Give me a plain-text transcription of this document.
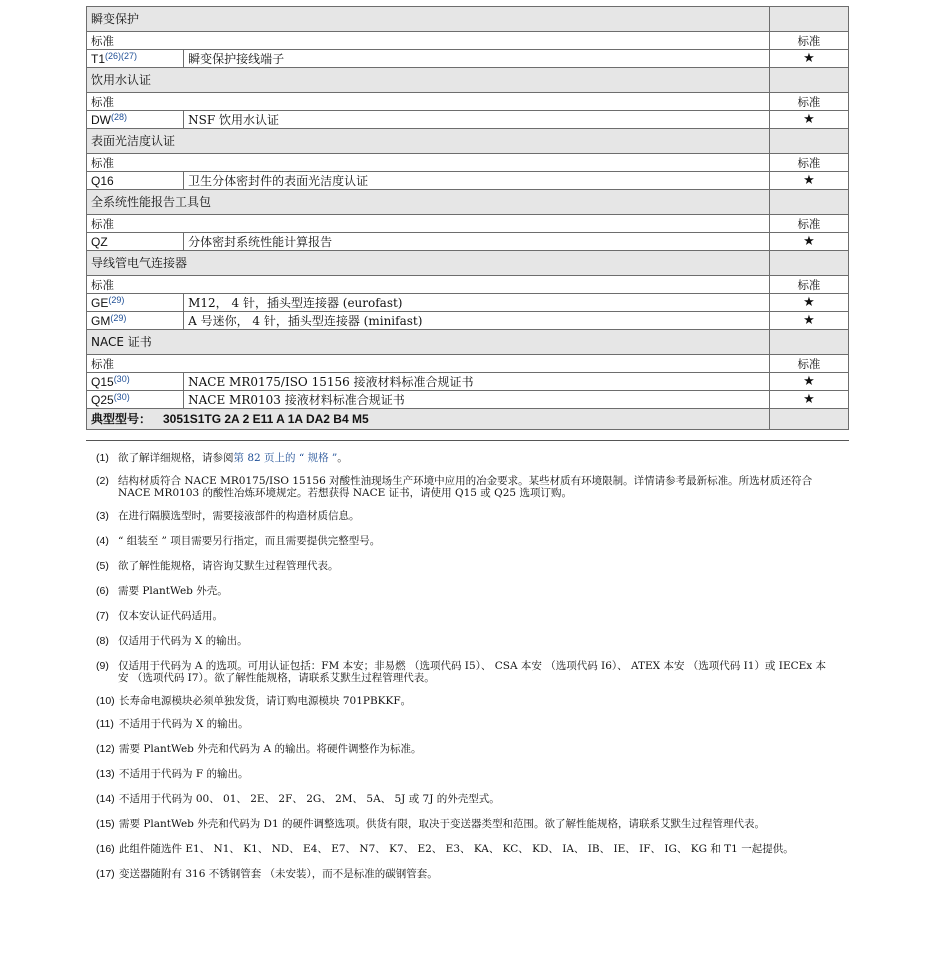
瞬变保护		
标准		标准
$T1^{(26)(27)}$	瞬变保护接线端子	★
饮用水认证		
标准		标准
DW$^{(28)}$	NSF 饮用水认证	★
表面光洁度认证		
标准		标准
Q16	卫生分体密封件的表面光洁度认证	★
全系统性能报告工具包		
标准		标准
QZ	分体密封系统性能计算报告	★
导线管电气连接器		
标准		标准
GE$^{(29)}$	M12， 4 针，插头型连接器 (eurofast)	★
GM$^{(29)}$	A 号迷你， 4 针，插头型连接器 (minifast)	★
NACE 证书		
标准		标准
Q15$^{(30)}$	NACE MR0175/ISO 15156 接液材料标准合规证书	★
Q25$^{(30)}$	NACE MR0103 接液材料标准合规证书	★
典型型号： 3051S1TG 2A 2 E11 A 1A DA2 B4 M5		
(1) 欲了解详细规格，请参阅第 82 页上的 “ 规格 ”。
(2) 结构材质符合 NACE MR0175/ISO 15156 对酸性油现场生产环境中应用的冶金要求。某些材质有环境限制。详情请参考最新标准。所选材质还符合 NACE MR0103 的酸性冶炼环境规定。若想获得 NACE 证书，请使用 Q15 或 Q25 选项订购。
(3) 在进行隔膜选型时，需要接液部件的构造材质信息。
(4) “ 组装至 ” 项目需要另行指定，而且需要提供完整型号。
(5) 欲了解性能规格，请咨询艾默生过程管理代表。
(6) 需要 PlantWeb 外壳。
(7) 仅本安认证代码适用。
(8) 仅适用于代码为 X 的输出。
(9) 仅适用于代码为 A 的选项。可用认证包括：FM 本安；非易燃 （选项代码 I5）、 CSA 本安 （选项代码 I6）、 ATEX 本安 （选项代码 I1）或 IECEx 本安 （选项代码 I7）。欲了解性能规格，请联系艾默生过程管理代表。
(10) 长寿命电源模块必须单独发货，请订购电源模块 701PBKKF。
(11) 不适用于代码为 X 的输出。
(12) 需要 PlantWeb 外壳和代码为 A 的输出。将硬件调整作为标准。
(13) 不适用于代码为 F 的输出。
(14) 不适用于代码为 00、 01、 2E、 2F、 2G、 2M、 5A、 5J 或 7J 的外壳型式。
(15) 需要 PlantWeb 外壳和代码为 D1 的硬件调整选项。供货有限，取决于变送器类型和范围。欲了解性能规格，请联系艾默生过程管理代表。
(16) 此组件随选件 E1、 N1、 K1、 ND、 E4、 E7、 N7、 K7、 E2、 E3、 KA、 KC、 KD、 IA、 IB、 IE、 IF、 IG、 KG 和 T1 一起提供。
(17) 变送器随附有 316 不锈钢管套 （未安装），而不是标准的碳钢管套。
